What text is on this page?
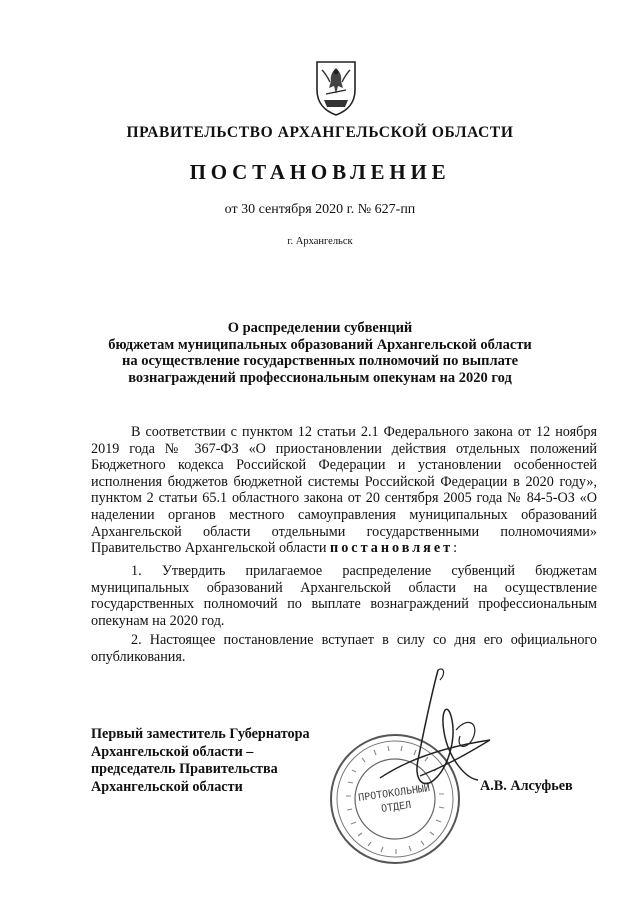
ПРАВИТЕЛЬСТВО АРХАНГЕЛЬСКОЙ ОБЛАСТИ
ПОСТАНОВЛЕНИЕ
от 30 сентября 2020 г. № 627-пп
г. Архангельск
О распределении субвенций
бюджетам муниципальных образований Архангельской области
на осуществление государственных полномочий по выплате
вознаграждений профессиональным опекунам на 2020 год

В соответствии с пунктом 12 статьи 2.1 Федерального закона от 12 ноября 2019 года № 367-ФЗ «О приостановлении действия отдельных положений Бюджетного кодекса Российской Федерации и установлении особенностей исполнения бюджетов бюджетной системы Российской Федерации в 2020 году», пунктом 2 статьи 65.1 областного закона от 20 сентября 2005 года № 84-5-ОЗ «О наделении органов местного самоуправления муниципальных образований Архангельской области отдельными государственными полномочиями» Правительство Архангельской области постановляет:

1. Утвердить прилагаемое распределение субвенций бюджетам муниципальных образований Архангельской области на осуществление государственных полномочий по выплате вознаграждений профессиональным опекунам на 2020 год.

2. Настоящее постановление вступает в силу со дня его официального опубликования.

ПРОТОКОЛЬНЫЙ
ОТДЕЛ
Первый заместитель Губернатора
Архангельской области –
председатель Правительства
Архангельской области	А.В. Алсуфьев
